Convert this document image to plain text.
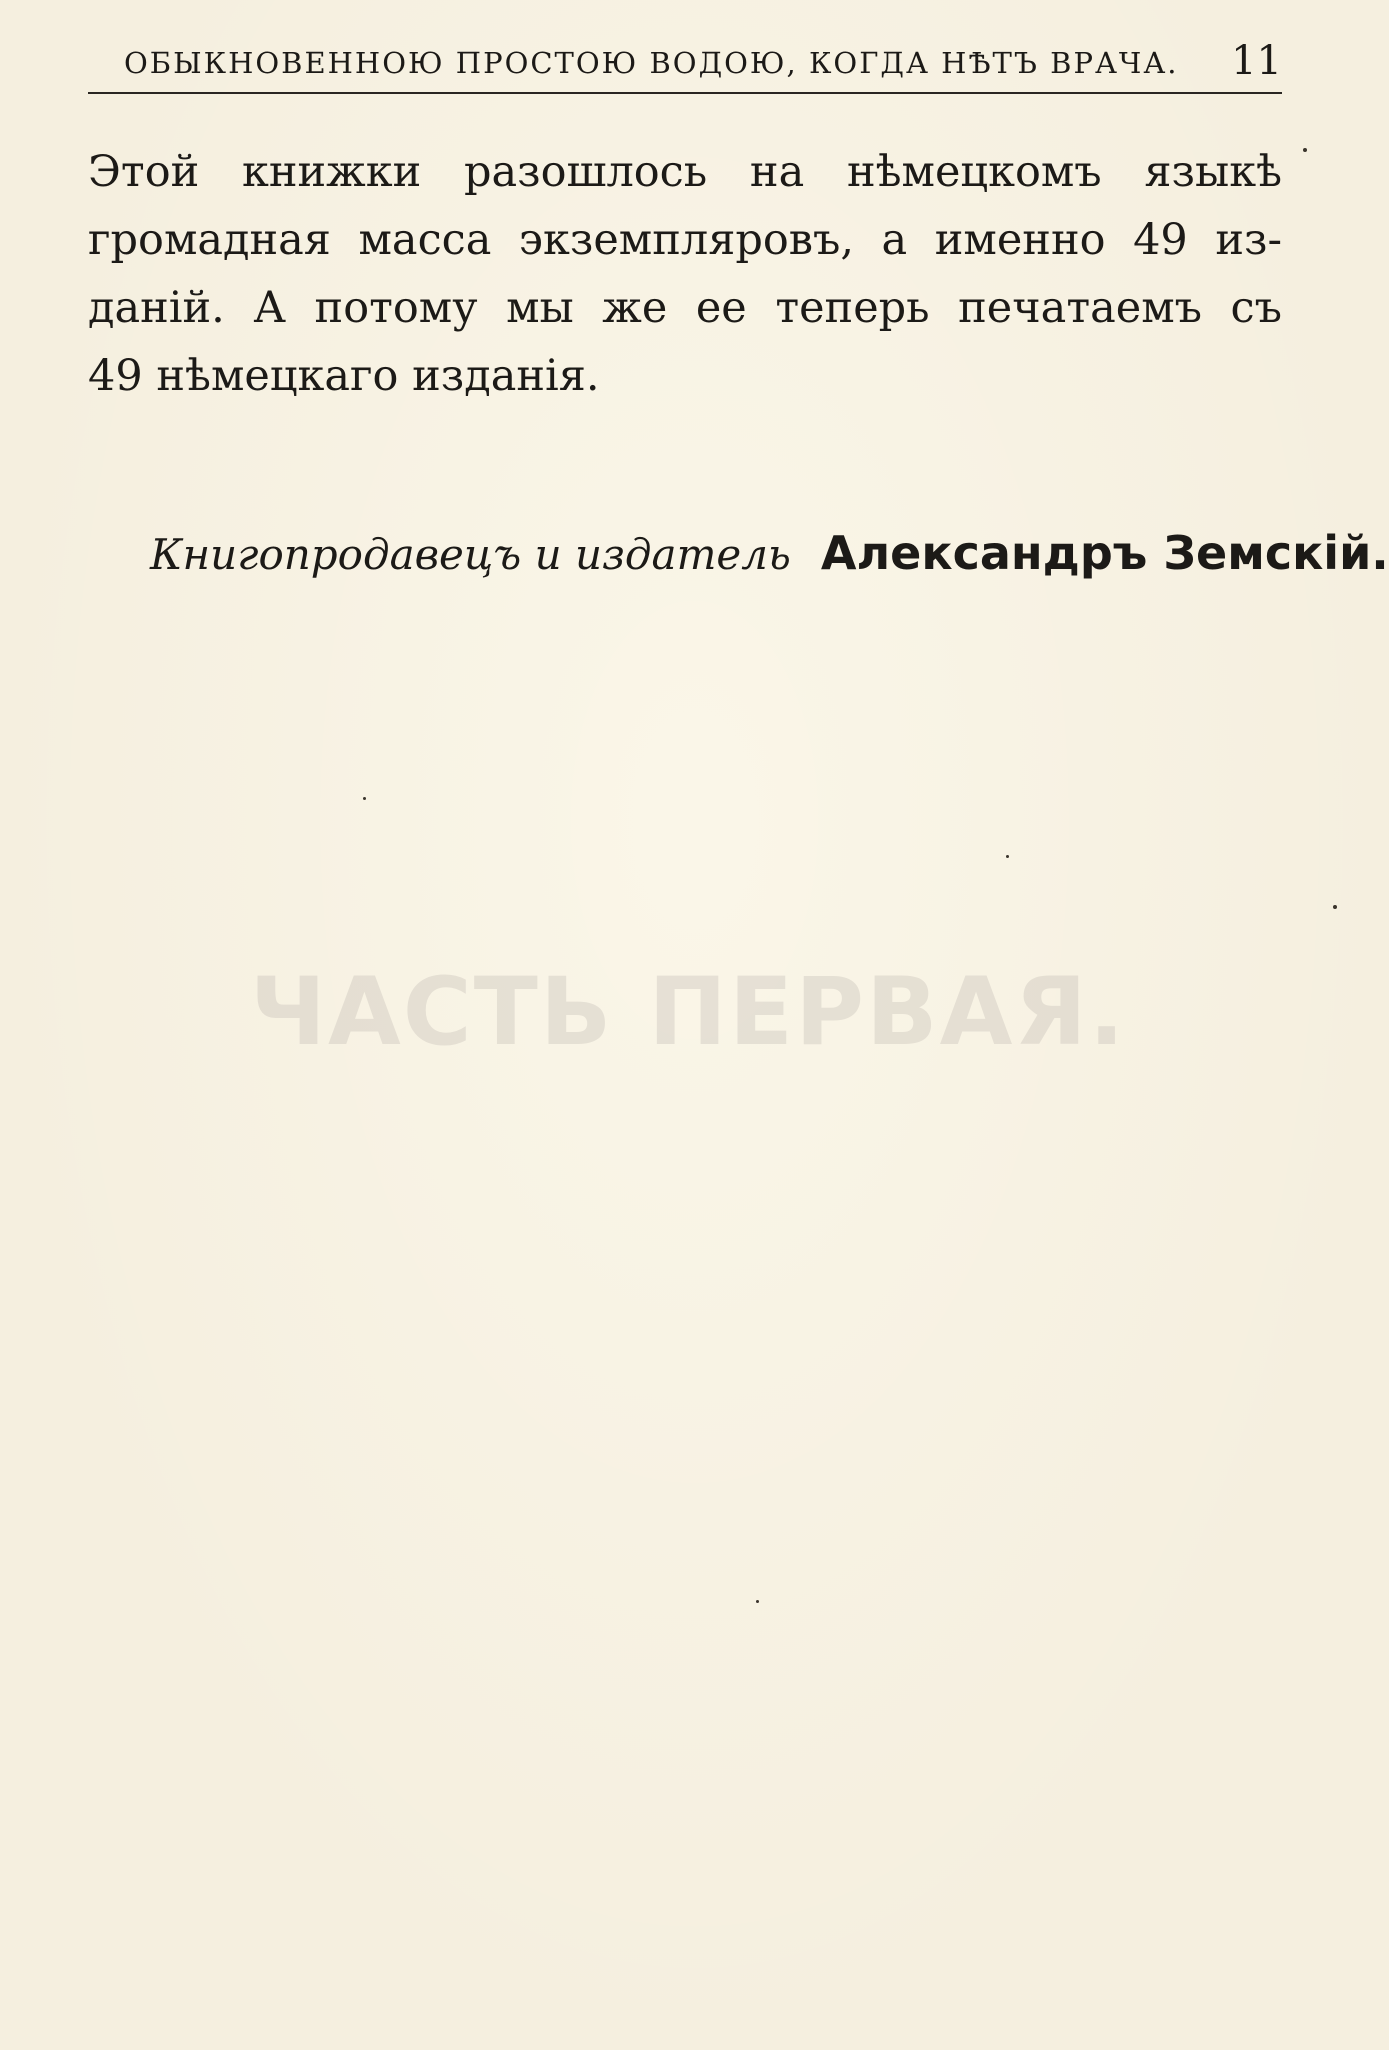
ОБЫКНОВЕННОЮ ПРОСТОЮ ВОДОЮ, КОГДА НѢТЪ ВРАЧА. 11
Этой книжки разошлось на нѣмецкомъ языкѣ
громадная масса экземпляровъ, а именно 49 из-
данiй. А потому мы же ее теперь печатаемъ съ
49 нѣмецкаго изданiя.
Книгопродавецъ и издатель Александръ Земскiй.
ЧАСТЬ ПЕРВАЯ.
